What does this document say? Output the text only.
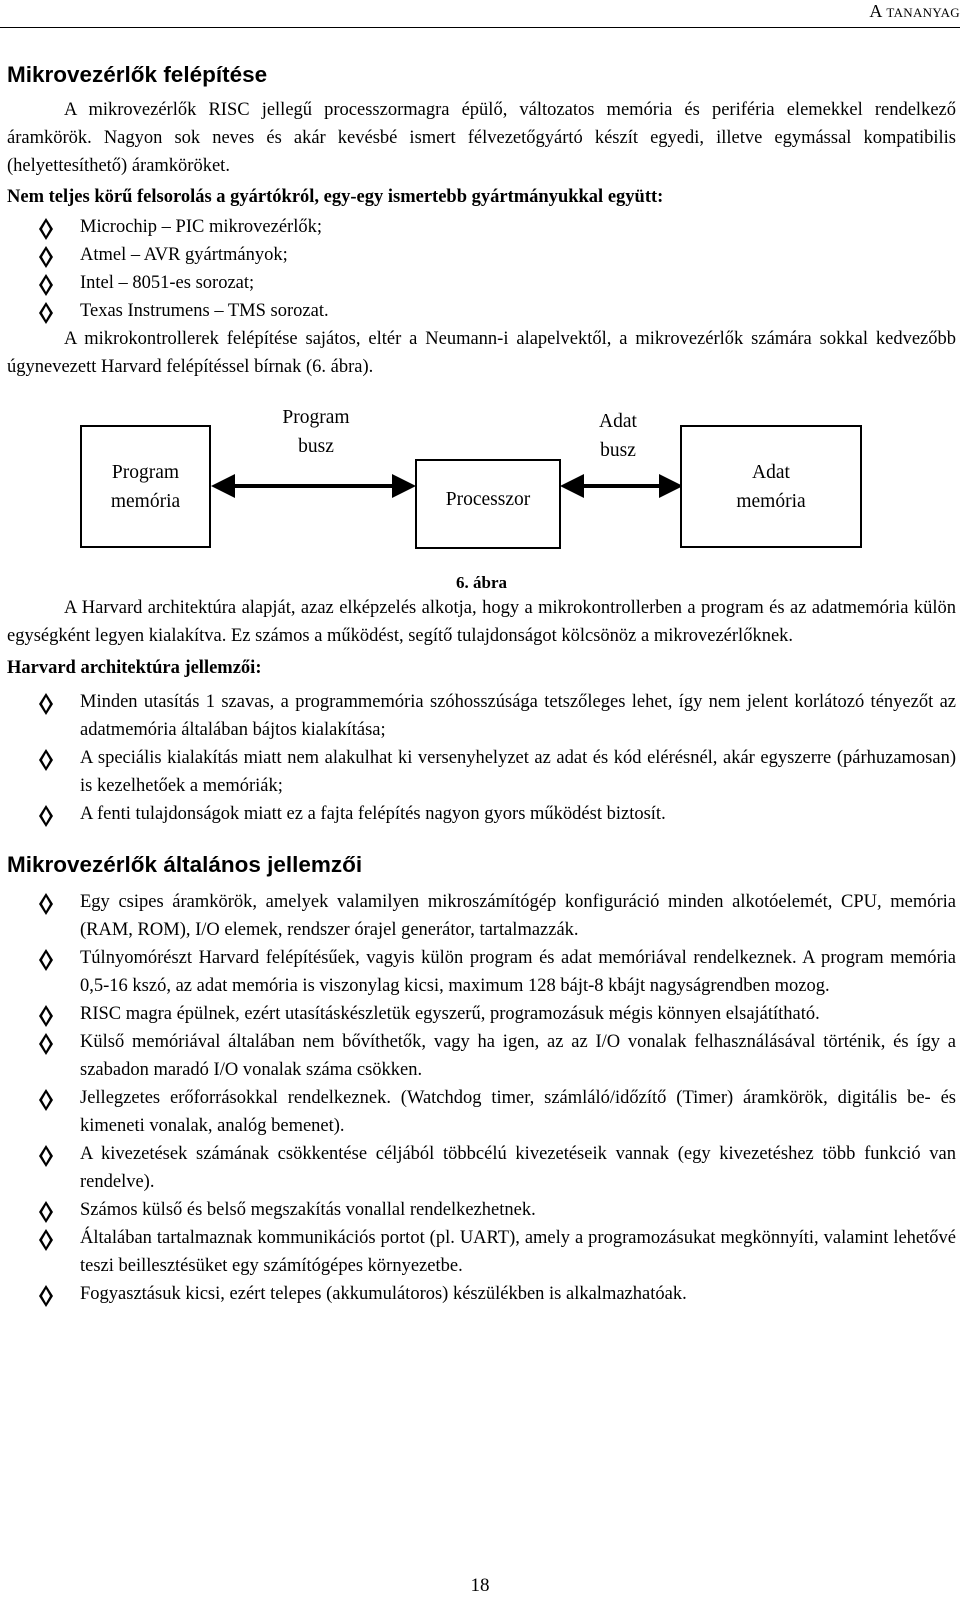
A tananyag
Mikrovezérlők felépítése

A mikrovezérlők RISC jellegű processzormagra épülő, változatos memória és periféria elemekkel rendelkező áramkörök. Nagyon sok neves és akár kevésbé ismert félvezetőgyártó készít egyedi, illetve egymással kompatibilis (helyettesíthető) áramköröket.

Nem teljes körű felsorolás a gyártókról, egy-egy ismertebb gyártmányukkal együtt:

Microchip – PIC mikrovezérlők;
Atmel – AVR gyártmányok;
Intel – 8051-es sorozat;
Texas Instrumens – TMS sorozat.

A mikrokontrollerek felépítése sajátos, eltér a Neumann-i alapelvektől, a mikrovezérlők számára sokkal kedvezőbb úgynevezett Harvard felépítéssel bírnak (6. ábra).

Program
memória
Program
busz
Processzor
Adat
busz
Adat
memória
6. ábra

A Harvard architektúra alapját, azaz elképzelés alkotja, hogy a mikrokontrollerben a program és az adatmemória külön egységként legyen kialakítva. Ez számos a működést, segítő tulajdonságot kölcsönöz a mikrovezérlőknek.

Harvard architektúra jellemzői:

Minden utasítás 1 szavas, a programmemória szóhosszúsága tetszőleges lehet, így nem jelent korlátozó tényezőt az adatmemória általában bájtos kialakítása;
A speciális kialakítás miatt nem alakulhat ki versenyhelyzet az adat és kód elérésnél, akár egyszerre (párhuzamosan) is kezelhetőek a memóriák;
A fenti tulajdonságok miatt ez a fajta felépítés nagyon gyors működést biztosít.
Mikrovezérlők általános jellemzői
Egy csipes áramkörök, amelyek valamilyen mikroszámítógép konfiguráció minden alkotóelemét, CPU, memória (RAM, ROM), I/O elemek, rendszer órajel generátor, tartalmazzák.
Túlnyomórészt Harvard felépítésűek, vagyis külön program és adat memóriával rendelkeznek. A program memória 0,5-16 kszó, az adat memória is viszonylag kicsi, maximum 128 bájt-8 kbájt nagyságrendben mozog.
RISC magra épülnek, ezért utasításkészletük egyszerű, programozásuk mégis könnyen elsajátítható.
Külső memóriával általában nem bővíthetők, vagy ha igen, az az I/O vonalak felhasználásával történik, és így a szabadon maradó I/O vonalak száma csökken.
Jellegzetes erőforrásokkal rendelkeznek. (Watchdog timer, számláló/időzítő (Timer) áramkörök, digitális be- és kimeneti vonalak, analóg bemenet).
A kivezetések számának csökkentése céljából többcélú kivezetéseik vannak (egy kivezetéshez több funkció van rendelve).
Számos külső és belső megszakítás vonallal rendelkezhetnek.
Általában tartalmaznak kommunikációs portot (pl. UART), amely a programozásukat megkönnyíti, valamint lehetővé teszi beillesztésüket egy számítógépes környezetbe.
Fogyasztásuk kicsi, ezért telepes (akkumulátoros) készülékben is alkalmazhatóak.
18
